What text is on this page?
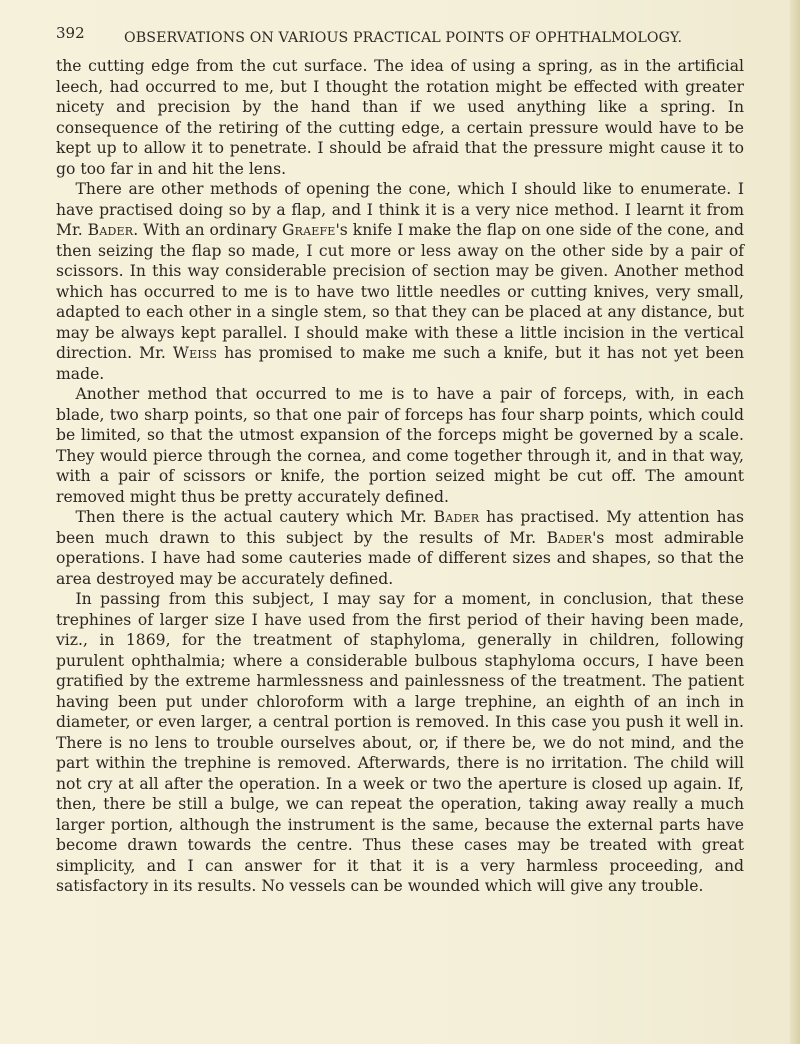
392	OBSERVATIONS ON VARIOUS PRACTICAL POINTS OF OPHTHALMOLOGY.

the cutting edge from the cut surface. The idea of using a spring, as in the artificial leech, had occurred to me, but I thought the rotation might be effected with greater nicety and precision by the hand than if we used anything like a spring. In consequence of the retiring of the cutting edge, a certain pressure would have to be kept up to allow it to penetrate. I should be afraid that the pressure might cause it to go too far in and hit the lens.

There are other methods of opening the cone, which I should like to enumerate. I have practised doing so by a flap, and I think it is a very nice method. I learnt it from Mr. Bader. With an ordinary Graefe's knife I make the flap on one side of the cone, and then seizing the flap so made, I cut more or less away on the other side by a pair of scissors. In this way considerable precision of section may be given. Another method which has occurred to me is to have two little needles or cutting knives, very small, adapted to each other in a single stem, so that they can be placed at any distance, but may be always kept parallel. I should make with these a little incision in the vertical direction. Mr. Weiss has promised to make me such a knife, but it has not yet been made.

Another method that occurred to me is to have a pair of forceps, with, in each blade, two sharp points, so that one pair of forceps has four sharp points, which could be limited, so that the utmost expansion of the forceps might be governed by a scale. They would pierce through the cornea, and come together through it, and in that way, with a pair of scissors or knife, the portion seized might be cut off. The amount removed might thus be pretty accurately defined.

Then there is the actual cautery which Mr. Bader has practised. My attention has been much drawn to this subject by the results of Mr. Bader's most admirable operations. I have had some cauteries made of different sizes and shapes, so that the area destroyed may be accurately defined.

In passing from this subject, I may say for a moment, in conclusion, that these trephines of larger size I have used from the first period of their having been made, viz., in 1869, for the treatment of staphyloma, generally in children, following purulent ophthalmia; where a considerable bulbous staphyloma occurs, I have been gratified by the extreme harmlessness and painlessness of the treatment. The patient having been put under chloroform with a large trephine, an eighth of an inch in diameter, or even larger, a central portion is removed. In this case you push it well in. There is no lens to trouble ourselves about, or, if there be, we do not mind, and the part within the trephine is removed. Afterwards, there is no irritation. The child will not cry at all after the operation. In a week or two the aperture is closed up again. If, then, there be still a bulge, we can repeat the operation, taking away really a much larger portion, although the instrument is the same, because the external parts have become drawn towards the centre. Thus these cases may be treated with great simplicity, and I can answer for it that it is a very harmless proceeding, and satisfactory in its results. No vessels can be wounded which will give any trouble.
